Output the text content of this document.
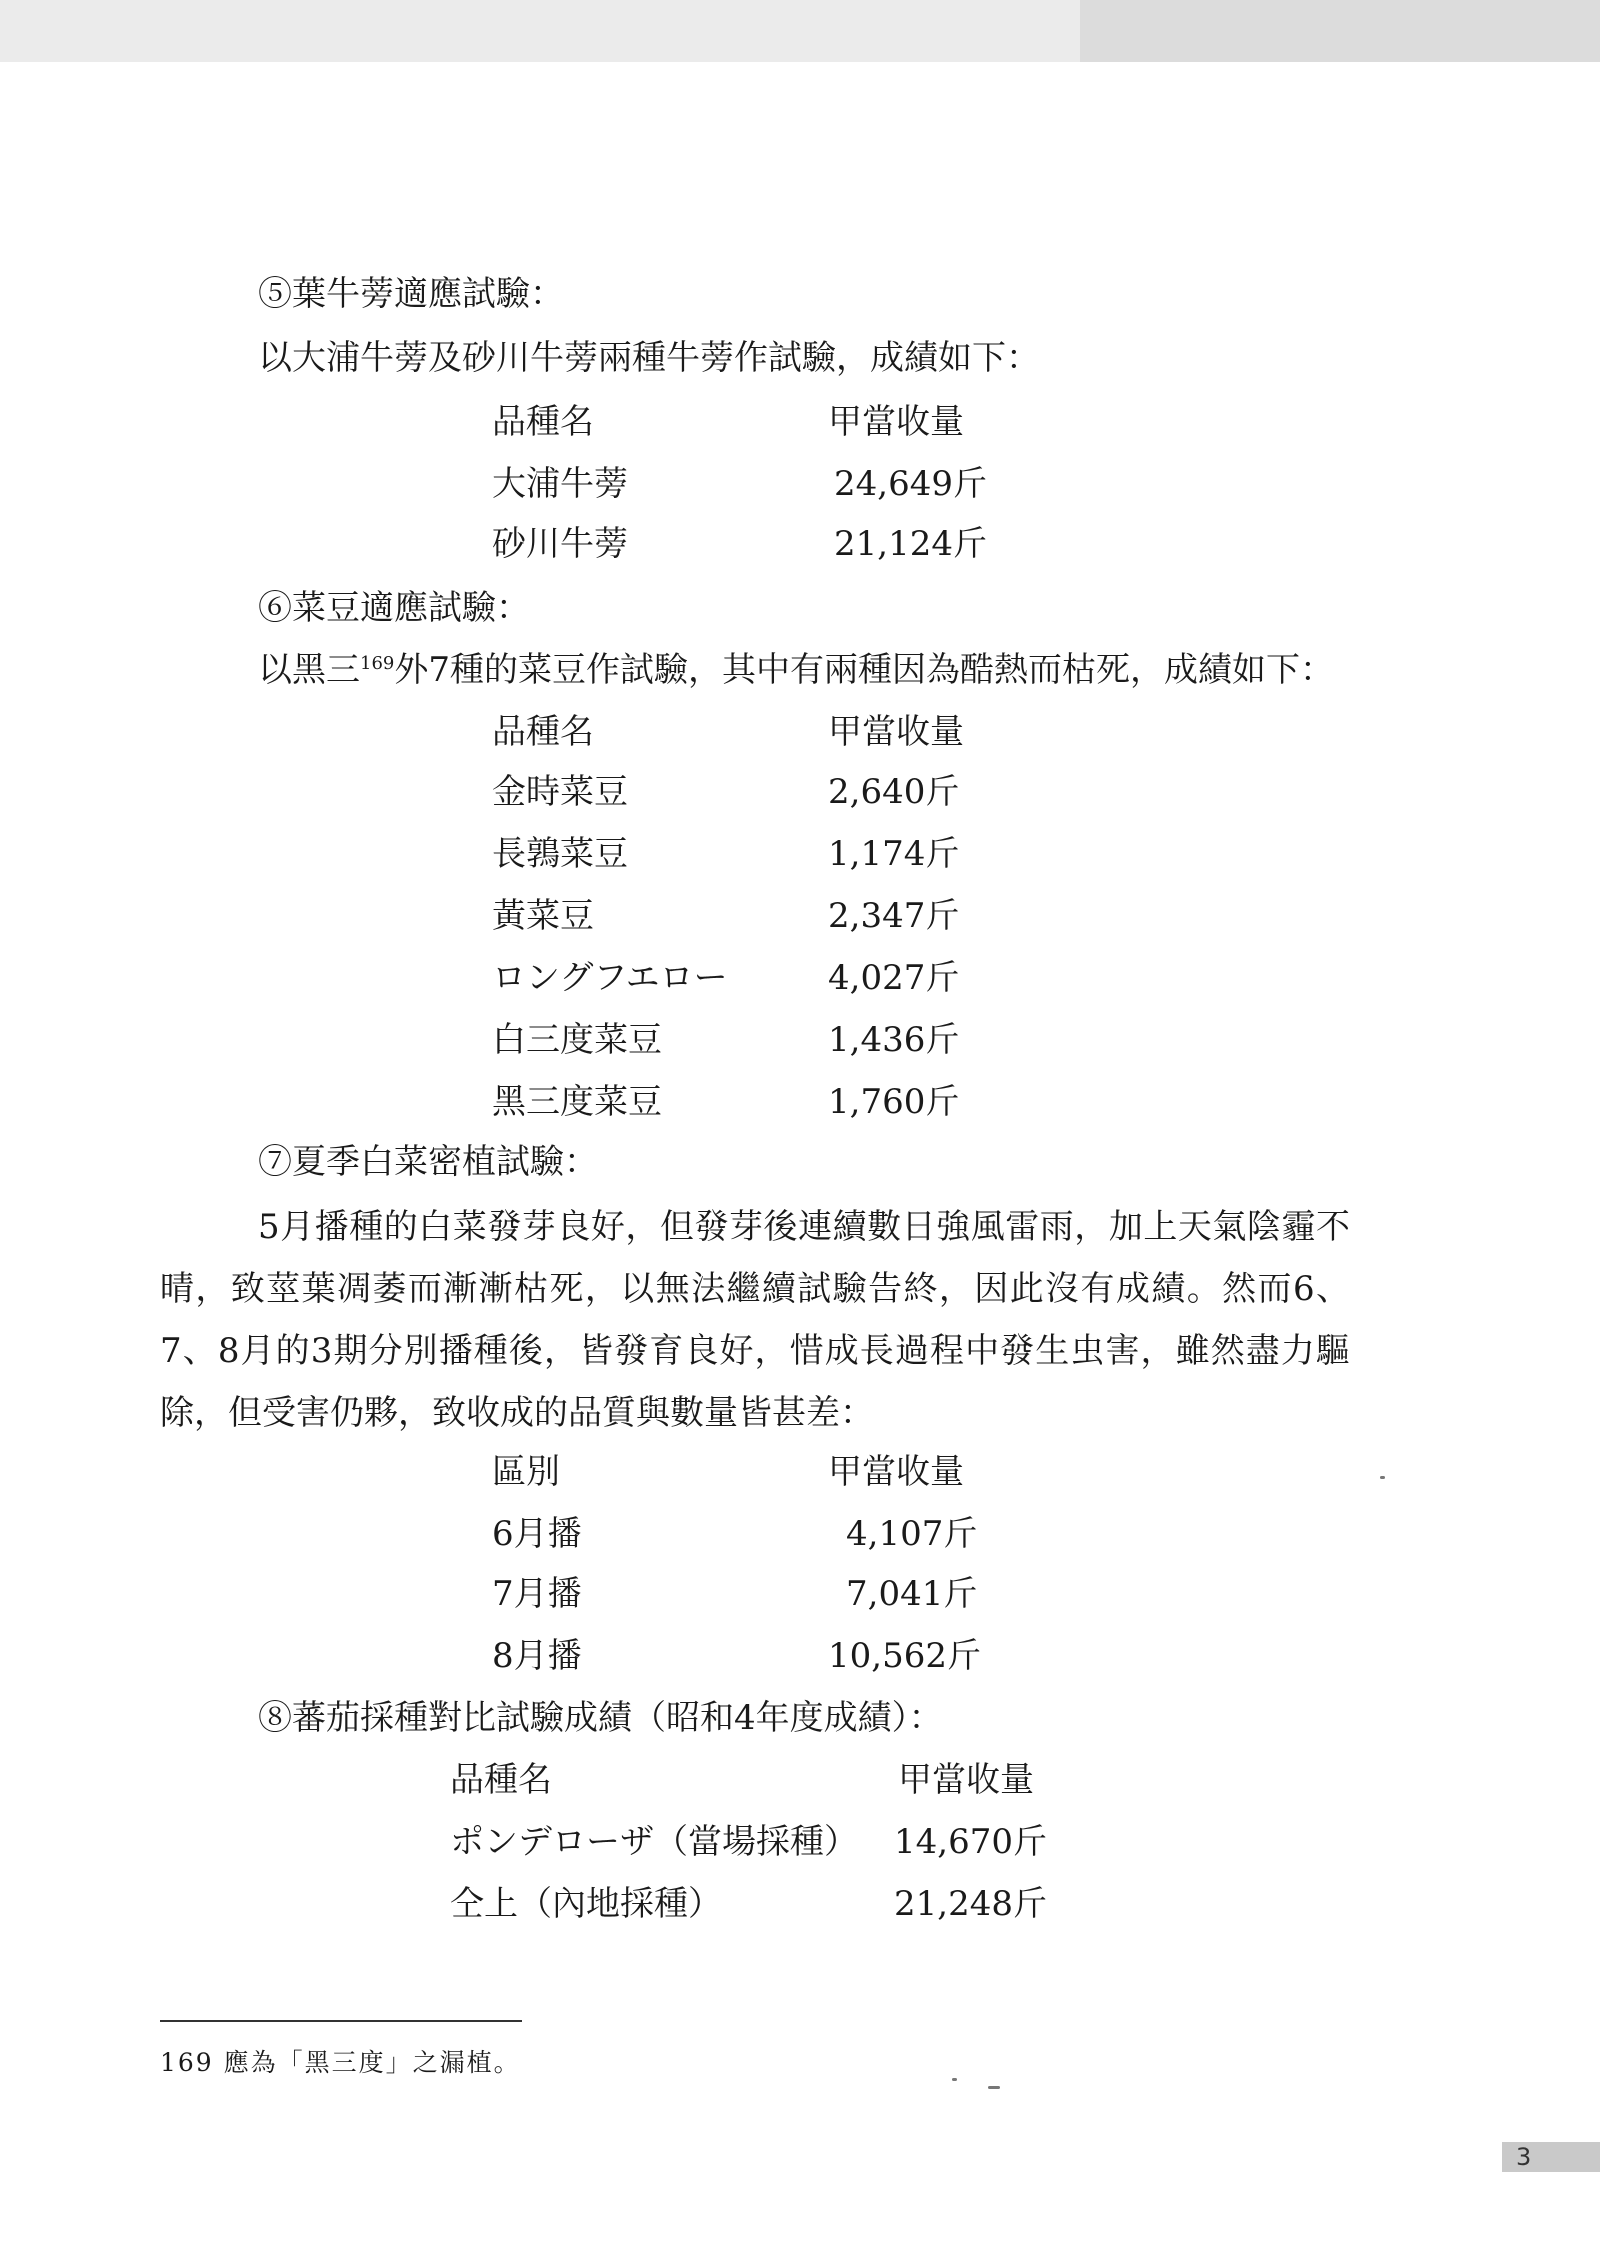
⑤葉牛蒡適應試驗：
以大浦牛蒡及砂川牛蒡兩種牛蒡作試驗，成績如下：
品種名	甲當收量
大浦牛蒡	24,649斤
砂川牛蒡	21,124斤
⑥菜豆適應試驗：
以黑三$^{169}$外7種的菜豆作試驗，其中有兩種因為酷熱而枯死，成績如下：
品種名	甲當收量
金時菜豆	2,640斤
長鶉菜豆	1,174斤
黃菜豆	2,347斤
ロングフエロー	4,027斤
白三度菜豆	1,436斤
黑三度菜豆	1,760斤
⑦夏季白菜密植試驗：
5月播種的白菜發芽良好，但發芽後連續數日強風雷雨，加上天氣陰霾不晴，致莖葉凋萎而漸漸枯死，以無法繼續試驗告終，因此沒有成績。然而6、7、8月的3期分別播種後，皆發育良好，惜成長過程中發生虫害，雖然盡力驅除，但受害仍夥，致收成的品質與數量皆甚差：
區別	甲當收量
6月播	4,107斤
7月播	7,041斤
8月播	10,562斤
⑧蕃茄採種對比試驗成績（昭和4年度成績）：
品種名	甲當收量
ポンデローザ（當場採種） 14,670斤
仝上（內地採種）	21,248斤
169 應為「黑三度」之漏植。
3
